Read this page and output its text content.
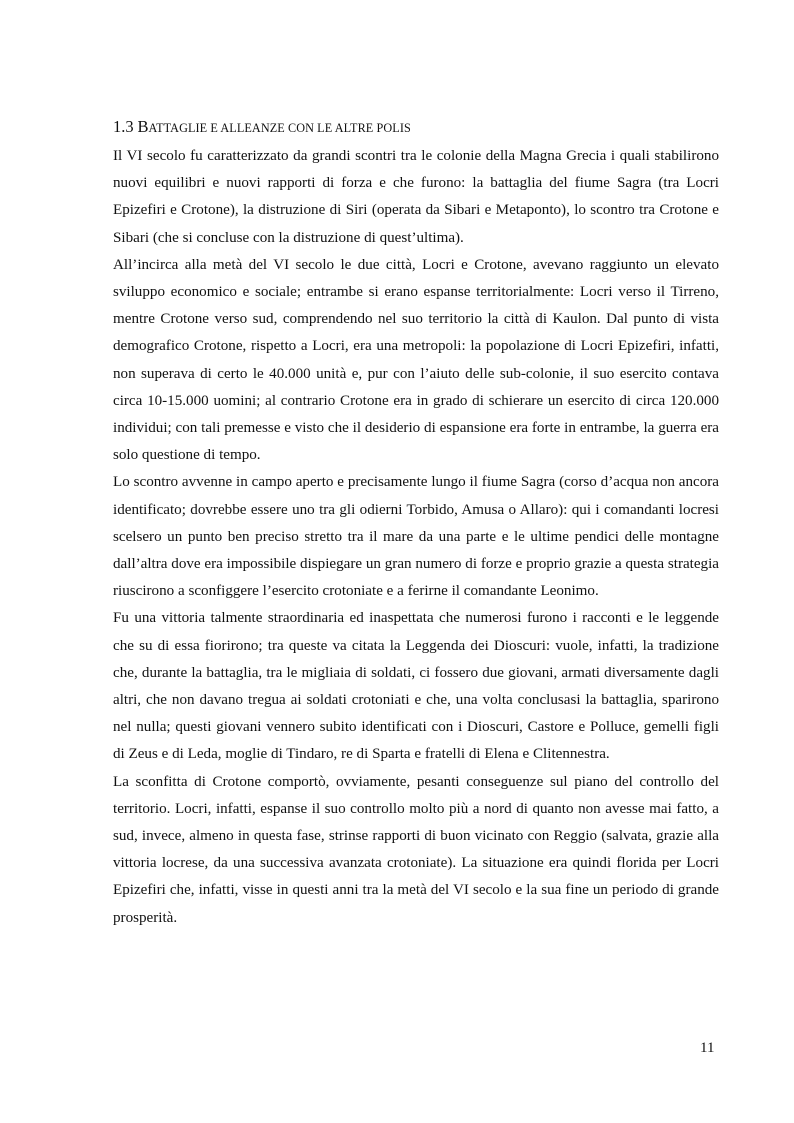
1.3 BATTAGLIE E ALLEANZE CON LE ALTRE POLIS

Il VI secolo fu caratterizzato da grandi scontri tra le colonie della Magna Grecia i quali stabilirono nuovi equilibri e nuovi rapporti di forza e che furono: la battaglia del fiume Sagra (tra Locri Epizefiri e Crotone), la distruzione di Siri (operata da Sibari e Metaponto), lo scontro tra Crotone e Sibari (che si concluse con la distruzione di quest’ultima).

All’incirca alla metà del VI secolo le due città, Locri e Crotone, avevano raggiunto un elevato sviluppo economico e sociale; entrambe si erano espanse territorialmente: Locri verso il Tirreno, mentre Crotone verso sud, comprendendo nel suo territorio la città di Kaulon. Dal punto di vista demografico Crotone, rispetto a Locri, era una metropoli: la popolazione di Locri Epizefiri, infatti, non superava di certo le 40.000 unità e, pur con l’aiuto delle sub-colonie, il suo esercito contava circa 10-15.000 uomini; al contrario Crotone era in grado di schierare un esercito di circa 120.000 individui; con tali premesse e visto che il desiderio di espansione era forte in entrambe, la guerra era solo questione di tempo.

Lo scontro avvenne in campo aperto e precisamente lungo il fiume Sagra (corso d’acqua non ancora identificato; dovrebbe essere uno tra gli odierni Torbido, Amusa o Allaro): qui i comandanti locresi scelsero un punto ben preciso stretto tra il mare da una parte e le ultime pendici delle montagne dall’altra dove era impossibile dispiegare un gran numero di forze e proprio grazie a questa strategia riuscirono a sconfiggere l’esercito crotoniate e a ferirne il comandante Leonimo.

Fu una vittoria talmente straordinaria ed inaspettata che numerosi furono i racconti e le leggende che su di essa fiorirono; tra queste va citata la Leggenda dei Dioscuri: vuole, infatti, la tradizione che, durante la battaglia, tra le migliaia di soldati, ci fossero due giovani, armati diversamente dagli altri, che non davano tregua ai soldati crotoniati e che, una volta conclusasi la battaglia, sparirono nel nulla; questi giovani vennero subito identificati con i Dioscuri, Castore e Polluce, gemelli figli di Zeus e di Leda, moglie di Tindaro, re di Sparta e fratelli di Elena e Clitennestra.

La sconfitta di Crotone comportò, ovviamente, pesanti conseguenze sul piano del controllo del territorio. Locri, infatti, espanse il suo controllo molto più a nord di quanto non avesse mai fatto, a sud, invece, almeno in questa fase, strinse rapporti di buon vicinato con Reggio (salvata, grazie alla vittoria locrese, da una successiva avanzata crotoniate). La situazione era quindi florida per Locri Epizefiri che, infatti, visse in questi anni tra la metà del VI secolo e la sua fine un periodo di grande prosperità.

11
